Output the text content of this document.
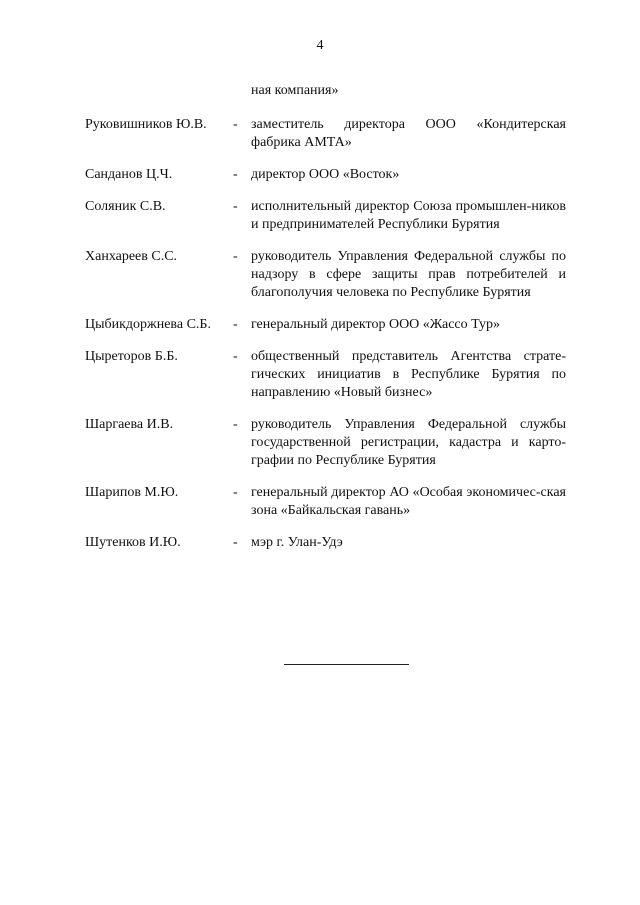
4
ная компания»
Руковишников Ю.В.	- заместитель директора ООО «Кондитерская фабрика АМТА»
Санданов Ц.Ч.	- директор ООО «Восток»
Соляник С.В.	- исполнительный директор Союза промышлен-ников и предпринимателей Республики Бурятия
Ханхареев С.С.	- руководитель Управления Федеральной службы по надзору в сфере защиты прав потребителей и благополучия человека по Республике Бурятия
Цыбикдоржнева С.Б.	- генеральный директор ООО «Жассо Тур»
Цыреторов Б.Б.	- общественный представитель Агентства страте-гических инициатив в Республике Бурятия по направлению «Новый бизнес»
Шаргаева И.В.	- руководитель Управления Федеральной службы государственной регистрации, кадастра и карто-графии по Республике Бурятия
Шарипов М.Ю.	- генеральный директор АО «Особая экономичес-ская зона «Байкальская гавань»
Шутенков И.Ю.	- мэр г. Улан-Удэ
